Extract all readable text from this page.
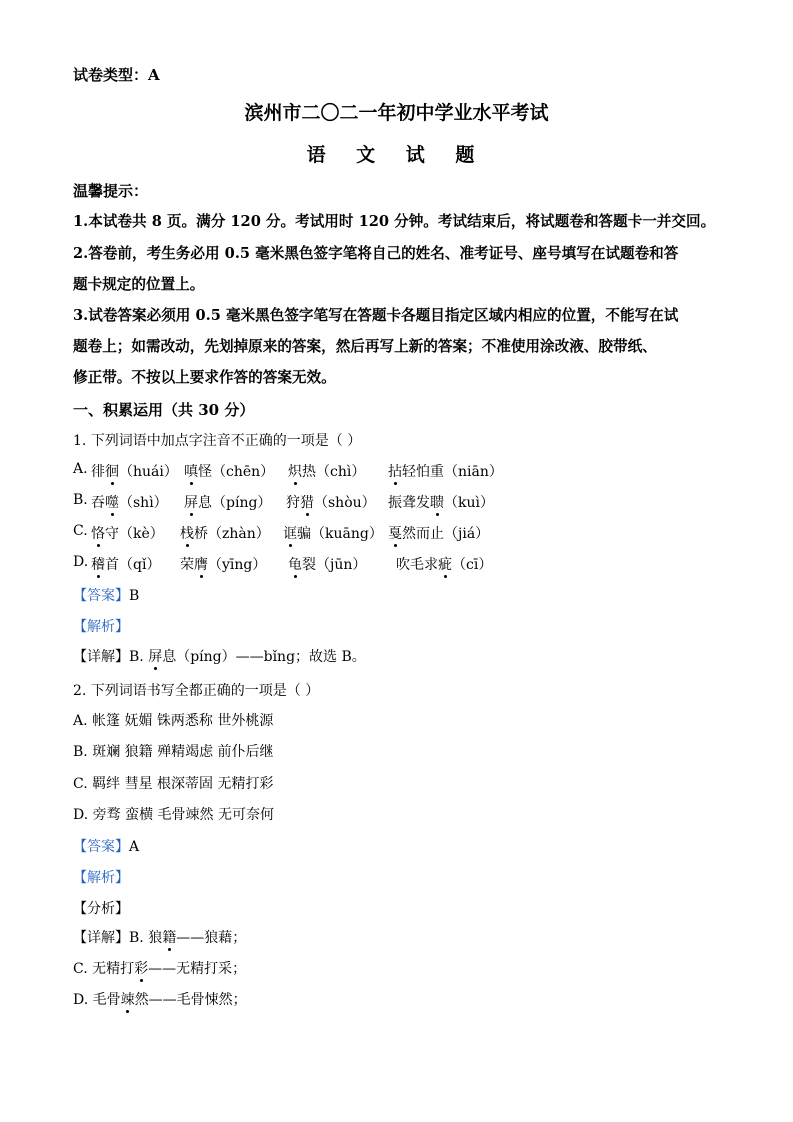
试卷类型：A
滨州市二〇二一年初中学业水平考试
语 文 试 题
温馨提示：
1.本试卷共 8 页。满分 120 分。考试用时 120 分钟。考试结束后，将试题卷和答题卡一并交回。
2.答卷前，考生务必用 0.5 毫米黑色签字笔将自己的姓名、准考证号、座号填写在试题卷和答
题卡规定的位置上。
3.试卷答案必须用 0.5 毫米黑色签字笔写在答题卡各题目指定区域内相应的位置，不能写在试
题卷上；如需改动，先划掉原来的答案，然后再写上新的答案；不准使用涂改液、胶带纸、
修正带。不按以上要求作答的答案无效。
一、积累运用（共 30 分）
1. 下列词语中加点字注音不正确的一项是（ ）
A. 徘徊（huái） 嗔怪（chēn） 炽热（chì） 拈轻怕重（niān）
B. 吞噬（shì） 屏息（píng） 狩猎（shòu） 振聋发聩（kuì）
C. 恪守（kè） 栈桥（zhàn） 诓骗（kuāng） 戛然而止（jiá）
D. 稽首（qǐ） 荣膺（yīng） 龟裂（jūn） 吹毛求疵（cī）
【答案】B
【解析】
【详解】B. 屏息（píng）——bǐng；故选 B。
2. 下列词语书写全都正确的一项是（ ）
A. 帐篷 妩媚 铢两悉称 世外桃源
B. 斑斓 狼籍 殚精竭虑 前仆后继
C. 羁绊 彗星 根深蒂固 无精打彩
D. 旁骛 蛮横 毛骨竦然 无可奈何
【答案】A
【解析】
【分析】
【详解】B. 狼籍——狼藉；
C. 无精打彩——无精打采；
D. 毛骨竦然——毛骨悚然；
